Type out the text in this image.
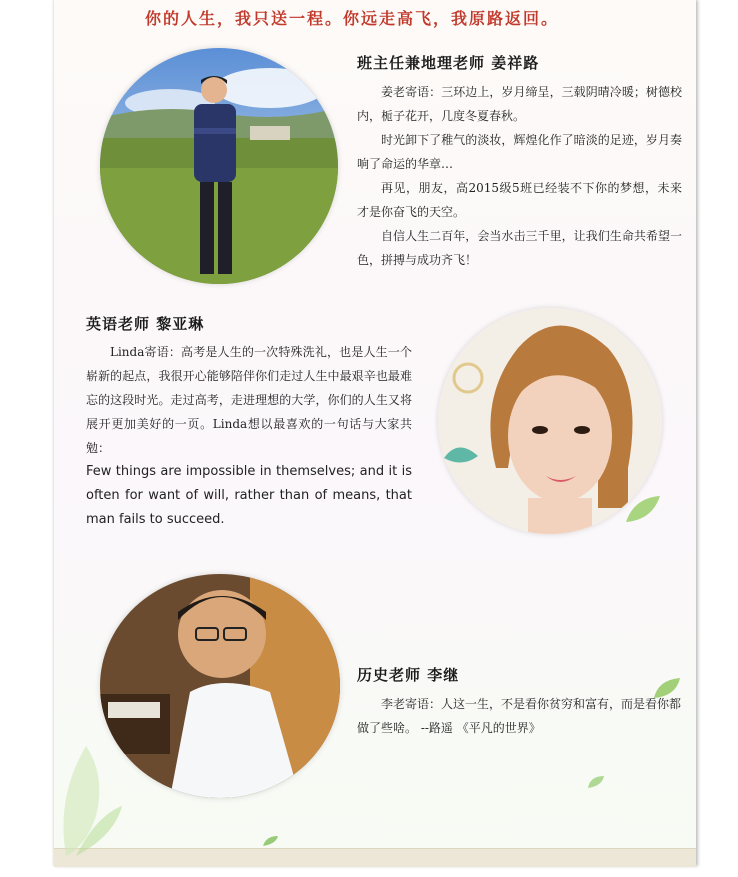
你的人生，我只送一程。你远走高飞，我原路返回。
班主任兼地理老师 姜祥路

姜老寄语：三环边上，岁月缔呈，三载阴晴冷暖；树德校内，栀子花开，几度冬夏春秋。

时光卸下了稚气的淡妆，辉煌化作了暗淡的足迹，岁月奏响了命运的华章…

再见，朋友，高2015级5班已经装不下你的梦想，未来才是你奋飞的天空。

自信人生二百年，会当水击三千里，让我们生命共希望一色，拼搏与成功齐飞！

英语老师 黎亚琳

Linda寄语：高考是人生的一次特殊洗礼，也是人生一个崭新的起点，我很开心能够陪伴你们走过人生中最艰辛也最难忘的这段时光。走过高考，走进理想的大学，你们的人生又将展开更加美好的一页。Linda想以最喜欢的一句话与大家共勉：

Few things are impossible in themselves; and it is often for want of will, rather than of means, that man fails to succeed.
历史老师 李继

李老寄语：人这一生，不是看你贫穷和富有，而是看你都做了些啥。 --路遥 《平凡的世界》
